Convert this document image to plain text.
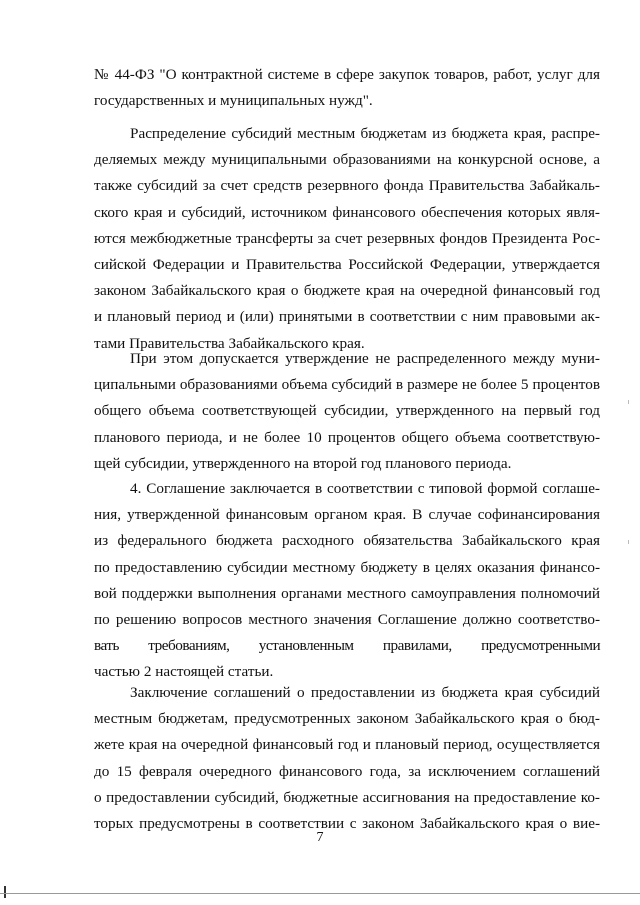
№ 44-ФЗ "О контрактной системе в сфере закупок товаров, работ, услуг для
государственных и муниципальных нужд".
Распределение субсидий местным бюджетам из бюджета края, распре-
деляемых между муниципальными образованиями на конкурсной основе, а
также субсидий за счет средств резервного фонда Правительства Забайкаль-
ского края и субсидий, источником финансового обеспечения которых явля-
ются межбюджетные трансферты за счет резервных фондов Президента Рос-
сийской Федерации и Правительства Российской Федерации, утверждается
законом Забайкальского края о бюджете края на очередной финансовый год
и плановый период и (или) принятыми в соответствии с ним правовыми ак-
тами Правительства Забайкальского края.
При этом допускается утверждение не распределенного между муни-
ципальными образованиями объема субсидий в размере не более 5 процентов
общего объема соответствующей субсидии, утвержденного на первый год
планового периода, и не более 10 процентов общего объема соответствую-
щей субсидии, утвержденного на второй год планового периода.
4. Соглашение заключается в соответствии с типовой формой соглаше-
ния, утвержденной финансовым органом края. В случае софинансирования
из федерального бюджета расходного обязательства Забайкальского края
по предоставлению субсидии местному бюджету в целях оказания финансо-
вой поддержки выполнения органами местного самоуправления полномочий
по решению вопросов местного значения Соглашение должно соответство-
вать требованиям, установленным правилами, предусмотренными
частью 2 настоящей статьи.
Заключение соглашений о предоставлении из бюджета края субсидий
местным бюджетам, предусмотренных законом Забайкальского края о бюд-
жете края на очередной финансовый год и плановый период, осуществляется
до 15 февраля очередного финансового года, за исключением соглашений
о предоставлении субсидий, бюджетные ассигнования на предоставление ко-
торых предусмотрены в соответствии с законом Забайкальского края о вие-
7
